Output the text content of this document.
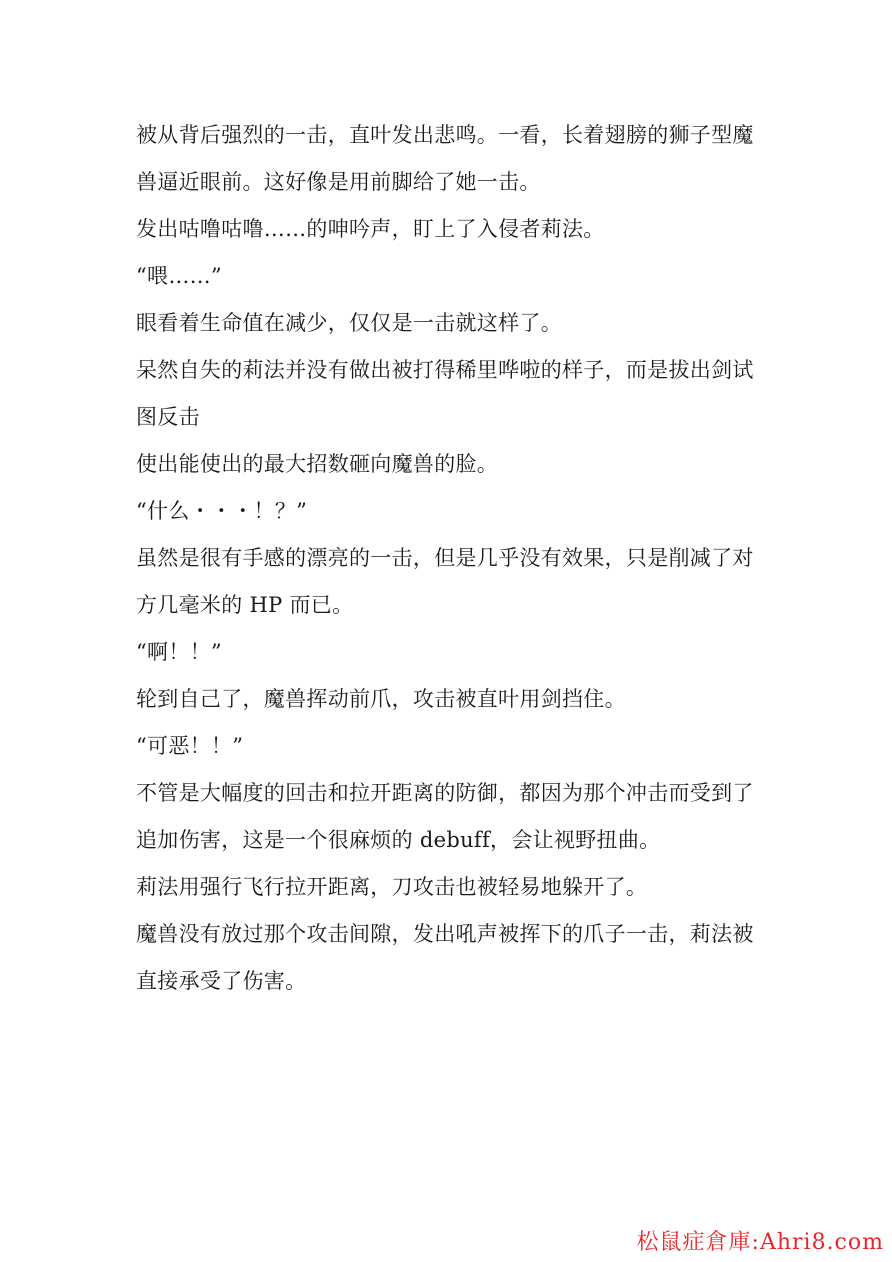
被从背后强烈的一击，直叶发出悲鸣。一看，长着翅膀的狮子型魔兽逼近眼前。这好像是用前脚给了她一击。

发出咕噜咕噜……的呻吟声，盯上了入侵者莉法。

“喂……”

眼看着生命值在减少，仅仅是一击就这样了。

呆然自失的莉法并没有做出被打得稀里哗啦的样子，而是拔出剑试图反击

使出能使出的最大招数砸向魔兽的脸。

“什么・・・！？”

虽然是很有手感的漂亮的一击，但是几乎没有效果，只是削减了对方几毫米的 HP 而已。

“啊！！”

轮到自己了，魔兽挥动前爪，攻击被直叶用剑挡住。

“可恶！！”

不管是大幅度的回击和拉开距离的防御，都因为那个冲击而受到了追加伤害，这是一个很麻烦的 debuff，会让视野扭曲。

莉法用强行飞行拉开距离，刀攻击也被轻易地躲开了。

魔兽没有放过那个攻击间隙，发出吼声被挥下的爪子一击，莉法被直接承受了伤害。

松鼠症倉庫:Ahri8.com
